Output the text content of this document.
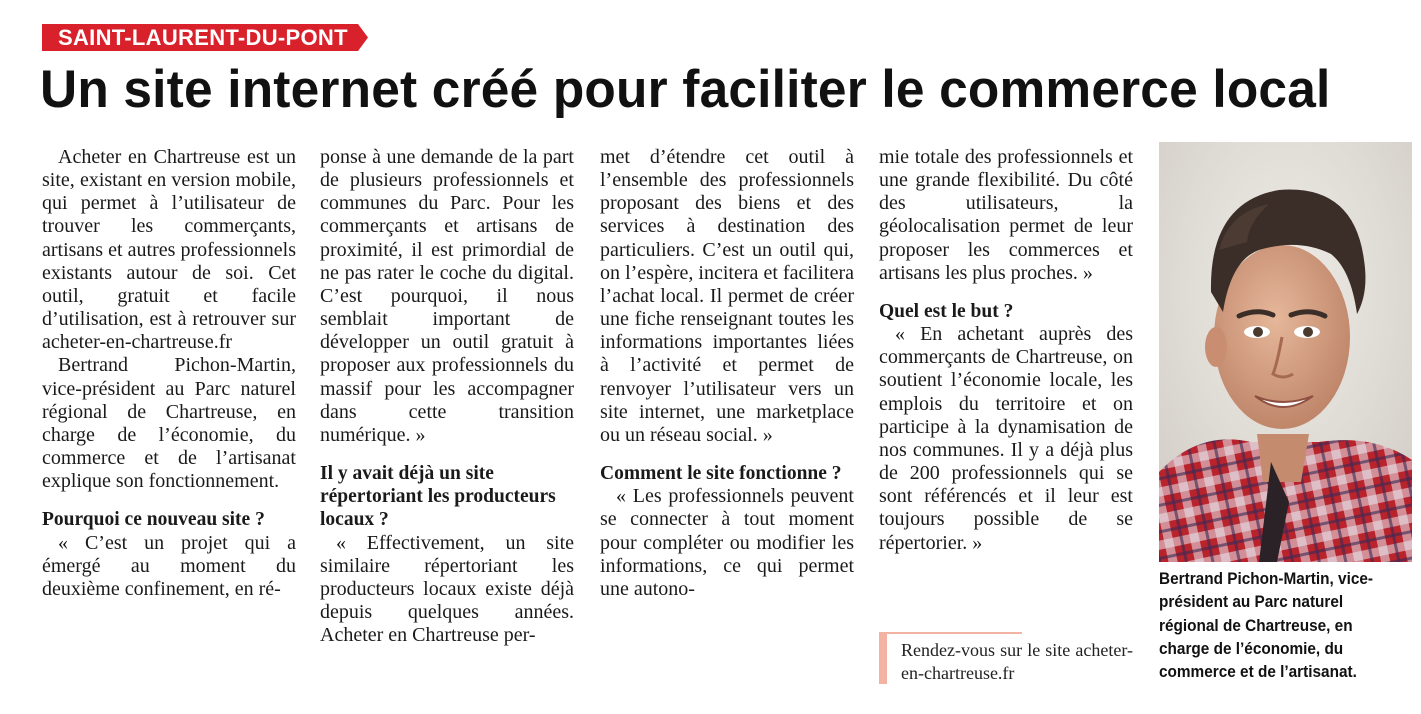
SAINT-LAURENT-DU-PONT
Un site internet créé pour faciliter le commerce local

Acheter en Chartreuse est un site, existant en version mobile, qui permet à l’utilisateur de trouver les commerçants, artisans et autres professionnels existants autour de soi. Cet outil, gratuit et facile d’utilisation, est à retrouver sur acheter-en-chartreuse.fr

Bertrand Pichon-Martin, vice-président au Parc naturel régional de Chartreuse, en charge de l’économie, du commerce et de l’artisanat explique son fonctionnement.

Pourquoi ce nouveau site ?

« C’est un projet qui a émergé au moment du deuxième confinement, en ré-

ponse à une demande de la part de plusieurs professionnels et communes du Parc. Pour les commerçants et artisans de proximité, il est primordial de ne pas rater le coche du digital. C’est pourquoi, il nous semblait important de développer un outil gratuit à proposer aux professionnels du massif pour les accompagner dans cette transition numérique. »

Il y avait déjà un site répertoriant les producteurs locaux ?

« Effectivement, un site similaire répertoriant les producteurs locaux existe déjà depuis quelques années. Acheter en Chartreuse per-

met d’étendre cet outil à l’ensemble des professionnels proposant des biens et des services à destination des particuliers. C’est un outil qui, on l’espère, incitera et facilitera l’achat local. Il permet de créer une fiche renseignant toutes les informations importantes liées à l’activité et permet de renvoyer l’utilisateur vers un site internet, une marketplace ou un réseau social. »

Comment le site fonctionne ?

« Les professionnels peuvent se connecter à tout moment pour compléter ou modifier les informations, ce qui permet une autono-

mie totale des professionnels et une grande flexibilité. Du côté des utilisateurs, la géolocalisation permet de leur proposer les commerces et artisans les plus proches. »

Quel est le but ?

« En achetant auprès des commerçants de Chartreuse, on soutient l’économie locale, les emplois du territoire et on participe à la dynamisation de nos communes. Il y a déjà plus de 200 professionnels qui se sont référencés et il leur est toujours possible de se répertorier. »

Rendez-vous sur le site acheter-en-chartreuse.fr
Bertrand Pichon-Martin, vice-président au Parc naturel régional de Chartreuse, en charge de l’économie, du commerce et de l’artisanat.
